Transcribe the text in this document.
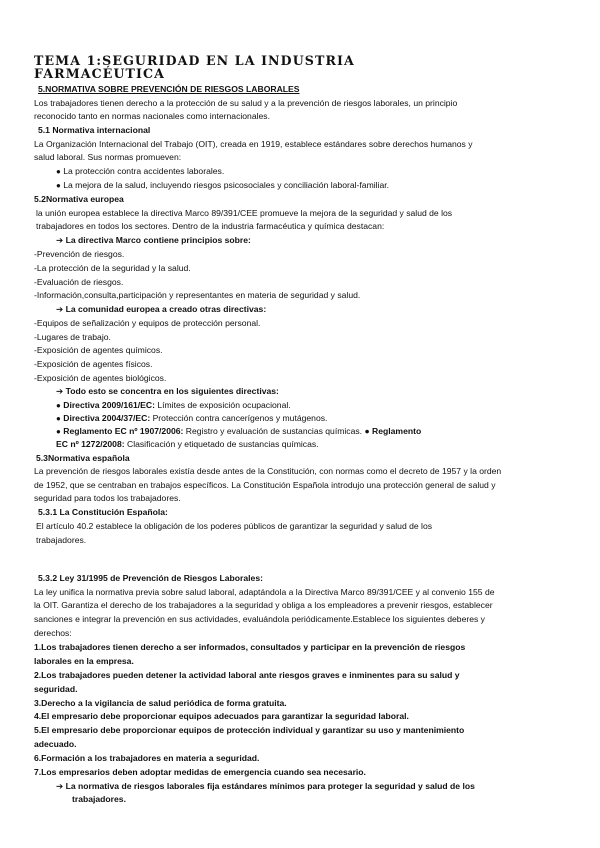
TEMA 1:SEGURIDAD EN LA INDUSTRIA
FARMACÉUTICA

5.NORMATIVA SOBRE PREVENCIÓN DE RIESGOS LABORALES

Los trabajadores tienen derecho a la protección de su salud y a la prevención de riesgos laborales, un principio

reconocido tanto en normas nacionales como internacionales.

5.1 Normativa internacional

La Organización Internacional del Trabajo (OIT), creada en 1919, establece estándares sobre derechos humanos y

salud laboral. Sus normas promueven:

● La protección contra accidentes laborales.

● La mejora de la salud, incluyendo riesgos psicosociales y conciliación laboral-familiar.

5.2Normativa europea

la unión europea establece la directiva Marco 89/391/CEE promueve la mejora de la seguridad y salud de los

trabajadores en todos los sectores. Dentro de la industria farmacéutica y química destacan:

➔ La directiva Marco contiene principios sobre:

-Prevención de riesgos.

-La protección de la seguridad y la salud.

-Evaluación de riesgos.

-Información,consulta,participación y representantes en materia de seguridad y salud.

➔ La comunidad europea a creado otras directivas:

-Equipos de señalización y equipos de protección personal.

-Lugares de trabajo.

-Exposición de agentes químicos.

-Exposición de agentes físicos.

-Exposición de agentes biológicos.

➔ Todo esto se concentra en los siguientes directivas:

● Directiva 2009/161/EC: Límites de exposición ocupacional.

● Directiva 2004/37/EC: Protección contra cancerígenos y mutágenos.

● Reglamento EC nº 1907/2006: Registro y evaluación de sustancias químicas. ● Reglamento

EC nº 1272/2008: Clasificación y etiquetado de sustancias químicas.

5.3Normativa española

La prevención de riesgos laborales existía desde antes de la Constitución, con normas como el decreto de 1957 y la orden

de 1952, que se centraban en trabajos específicos. La Constitución Española introdujo una protección general de salud y

seguridad para todos los trabajadores.

5.3.1 La Constitución Española:

El artículo 40.2 establece la obligación de los poderes públicos de garantizar la seguridad y salud de los

trabajadores.

5.3.2 Ley 31/1995 de Prevención de Riesgos Laborales:

La ley unifica la normativa previa sobre salud laboral, adaptándola a la Directiva Marco 89/391/CEE y al convenio 155 de

la OIT. Garantiza el derecho de los trabajadores a la seguridad y obliga a los empleadores a prevenir riesgos, establecer

sanciones e integrar la prevención en sus actividades, evaluándola periódicamente.Establece los siguientes deberes y

derechos:

1.Los trabajadores tienen derecho a ser informados, consultados y participar en la prevención de riesgos

laborales en la empresa.

2.Los trabajadores pueden detener la actividad laboral ante riesgos graves e inminentes para su salud y

seguridad.

3.Derecho a la vigilancia de salud periódica de forma gratuita.

4.El empresario debe proporcionar equipos adecuados para garantizar la seguridad laboral.

5.El empresario debe proporcionar equipos de protección individual y garantizar su uso y mantenimiento

adecuado.

6.Formación a los trabajadores en materia a seguridad.

7.Los empresarios deben adoptar medidas de emergencia cuando sea necesario.

➔ La normativa de riesgos laborales fija estándares mínimos para proteger la seguridad y salud de los

trabajadores.
